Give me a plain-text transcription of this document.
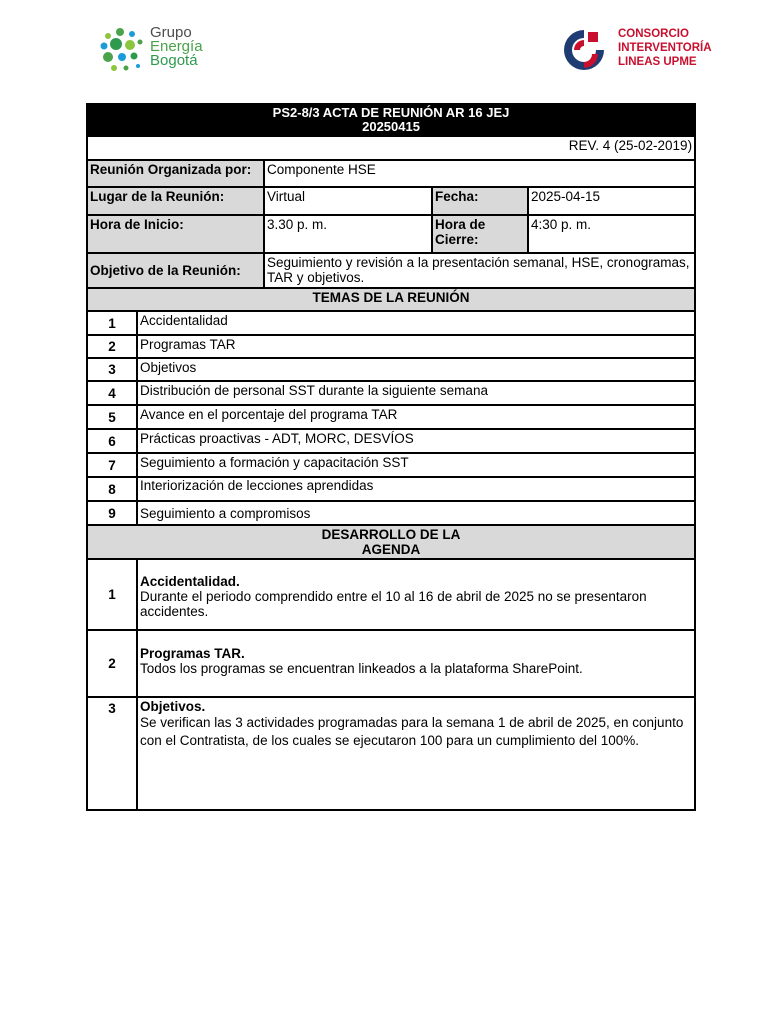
Grupo
Energía
Bogotá
CONSORCIO
INTERVENTORÍA
LINEAS UPME
PS2-8/3 ACTA DE REUNIÓN AR 16 JEJ
20250415				

REV. 4 (25-02-2019)				
Reunión Organizada por:		Componente HSE		
Lugar de la Reunión:		Virtual	Fecha:	2025-04-15
Hora de Inicio:		3.30 p. m.	Hora de Cierre:	4:30 p. m.
Objetivo de la Reunión:		Seguimiento y revisión a la presentación semanal, HSE, cronogramas, TAR y objetivos.		
TEMAS DE LA REUNIÓN				
1	Accidentalidad			
2	Programas TAR			
3	Objetivos			
4	Distribución de personal SST durante la siguiente semana			
5	Avance en el porcentaje del programa TAR			
6	Prácticas proactivas - ADT, MORC, DESVÍOS			
7	Seguimiento a formación y capacitación SST			
8	Interiorización de lecciones aprendidas			
9	Seguimiento a compromisos			

DESARROLLO DE LA
AGENDA				

1	Accidentalidad.
Durante el periodo comprendido entre el 10 al 16 de abril de 2025 no se presentaron accidentes.			

2	Programas TAR.
Todos los programas se encuentran linkeados a la plataforma SharePoint.			

3	Objetivos.
Se verifican las 3 actividades programadas para la semana 1 de abril de 2025, en conjunto con el Contratista, de los cuales se ejecutaron 100 para un cumplimiento del 100%.			
